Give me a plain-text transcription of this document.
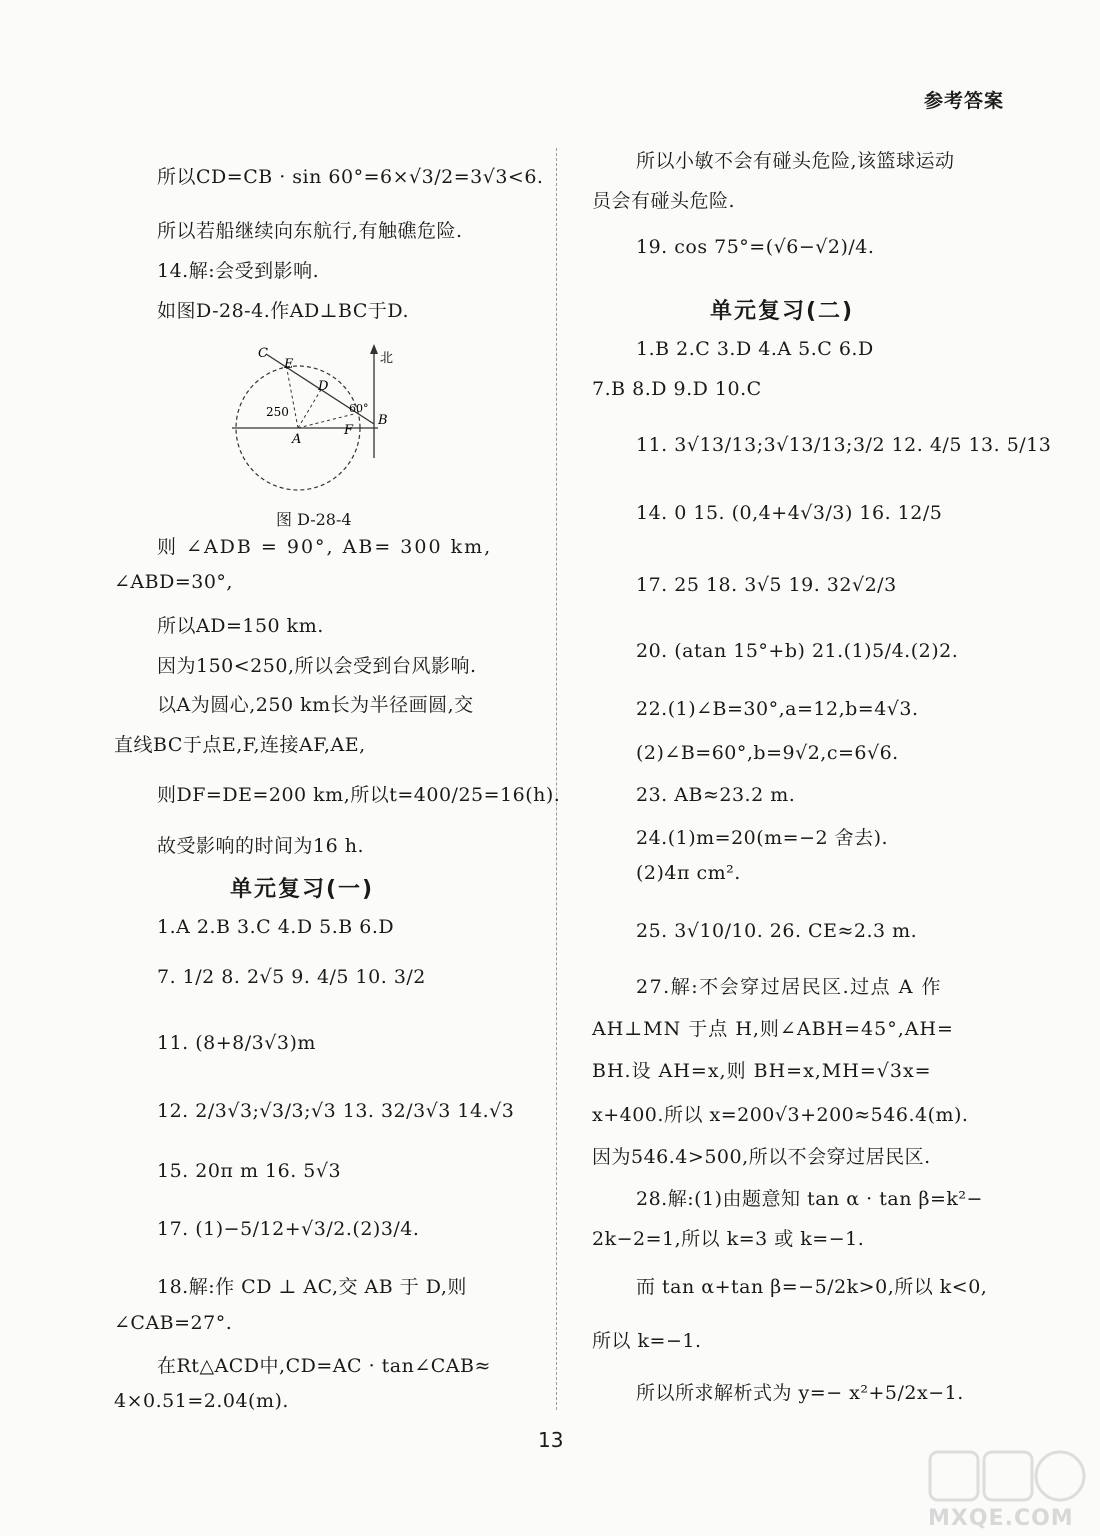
参考答案
所以CD=CB · sin 60°=6×√3/2=3√3<6.
所以若船继续向东航行,有触礁危险.
14.解:会受到影响.
如图D-28-4.作AD⊥BC于D.
C
E
D
A
B
F
北
250	60°
图 D-28-4
则 ∠ADB = 90°, AB= 300 km,
∠ABD=30°,
所以AD=150 km.
因为150<250,所以会受到台风影响.
以A为圆心,250 km长为半径画圆,交
直线BC于点E,F,连接AF,AE,
则DF=DE=200 km,所以t=400/25=16(h).
故受影响的时间为16 h.
单元复习(一)
1.A 2.B 3.C 4.D 5.B 6.D
7. 1/2 8. 2√5 9. 4/5 10. 3/2
11. (8+8/3√3)m
12. 2/3√3;√3/3;√3 13. 32/3√3 14.√3
15. 20π m 16. 5√3
17. (1)−5/12+√3/2.(2)3/4.
18.解:作 CD ⊥ AC,交 AB 于 D,则
∠CAB=27°.
在Rt△ACD中,CD=AC · tan∠CAB≈
4×0.51=2.04(m).
所以小敏不会有碰头危险,该篮球运动
员会有碰头危险.
19. cos 75°=(√6−√2)/4.
单元复习(二)
1.B 2.C 3.D 4.A 5.C 6.D
7.B 8.D 9.D 10.C
11. 3√13/13;3√13/13;3/2 12. 4/5 13. 5/13
14. 0 15. (0,4+4√3/3) 16. 12/5
17. 25 18. 3√5 19. 32√2/3
20. (atan 15°+b) 21.(1)5/4.(2)2.
22.(1)∠B=30°,a=12,b=4√3.
(2)∠B=60°,b=9√2,c=6√6.
23. AB≈23.2 m.
24.(1)m=20(m=−2 舍去).
(2)4π cm².
25. 3√10/10. 26. CE≈2.3 m.
27.解:不会穿过居民区.过点 A 作
AH⊥MN 于点 H,则∠ABH=45°,AH=
BH.设 AH=x,则 BH=x,MH=√3x=
x+400.所以 x=200√3+200≈546.4(m).
因为546.4>500,所以不会穿过居民区.
28.解:(1)由题意知 tan α · tan β=k²−
2k−2=1,所以 k=3 或 k=−1.
而 tan α+tan β=−5/2k>0,所以 k<0,
所以 k=−1.
所以所求解析式为 y=− x²+5/2x−1.
13
MXQE.COM
